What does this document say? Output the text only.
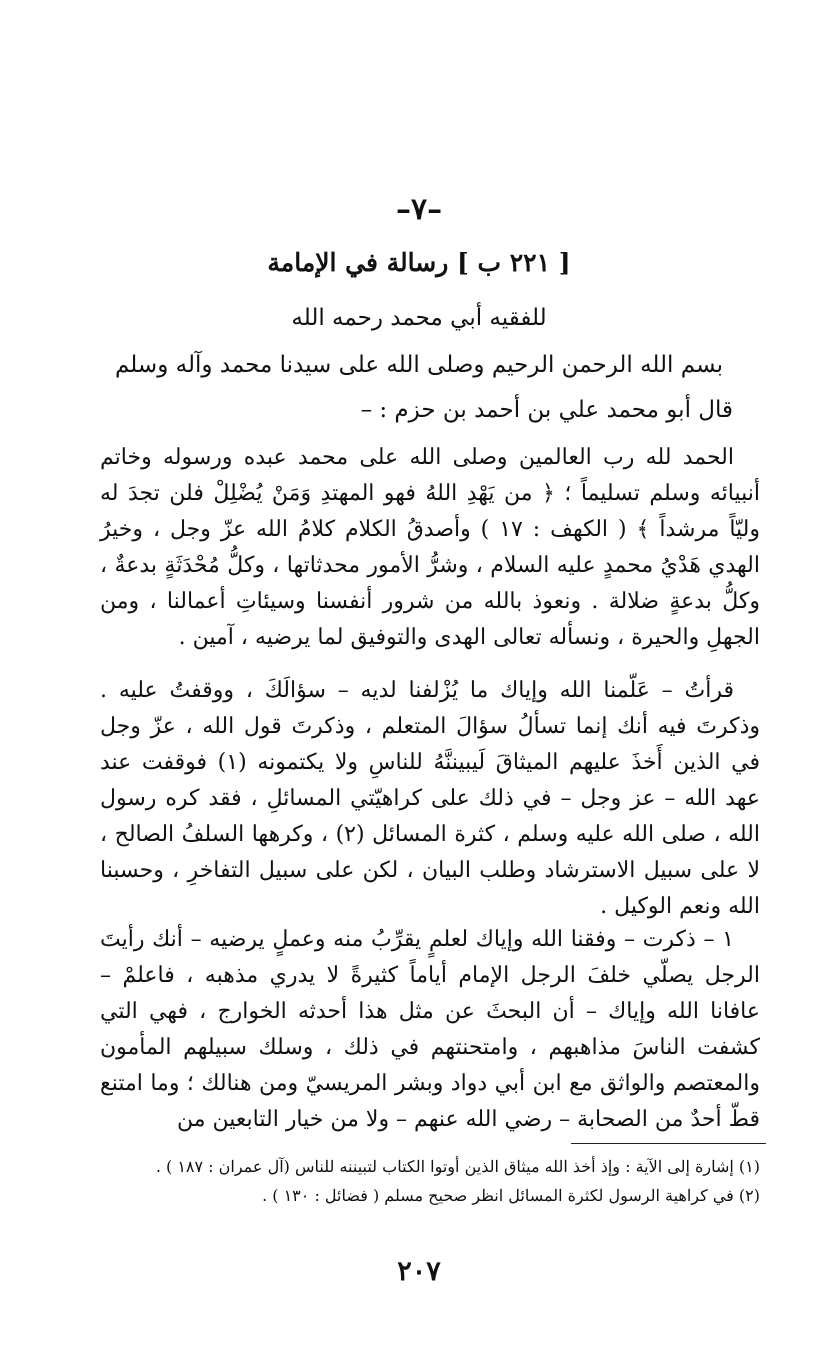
–٧–
[ ٢٢١ ب ] رسالة في الإمامة
للفقيه أبي محمد رحمه الله
بسم الله الرحمن الرحيم وصلى الله على سيدنا محمد وآله وسلم
قال أبو محمد علي بن أحمد بن حزم : –
الحمد لله رب العالمين وصلى الله على محمد عبده ورسوله وخاتم أنبيائه وسلم تسليماً ؛ ﴿ من يَهْدِ اللهُ فهو المهتدِ وَمَنْ يُضْلِلْ فلن تجدَ له وليّاً مرشداً ﴾ ( الكهف : ١٧ ) وأصدقُ الكلام كلامُ الله عزّ وجل ، وخيرُ الهدي هَدْيُ محمدٍ عليه السلام ، وشرُّ الأمور محدثاتها ، وكلُّ مُحْدَثَةٍ بدعةٌ ، وكلُّ بدعةٍ ضلالة . ونعوذ بالله من شرور أنفسنا وسيئاتِ أعمالنا ، ومن الجهلِ والحيرة ، ونسأله تعالى الهدى والتوفيق لما يرضيه ، آمين .
قرأتُ – عَلّمنا الله وإياك ما يُزْلفنا لديه – سؤالَكَ ، ووقفتُ عليه . وذكرتَ فيه أنك إنما تسألُ سؤالَ المتعلم ، وذكرتَ قول الله ، عزّ وجل في الذين أَخذَ عليهم الميثاقَ لَيبيننَّهُ للناسِ ولا يكتمونه (١) فوقفت عند عهد الله – عز وجل – في ذلك على كراهيّتي المسائلِ ، فقد كره رسول الله ، صلى الله عليه وسلم ، كثرة المسائل (٢) ، وكرهها السلفُ الصالح ، لا على سبيل الاسترشاد وطلب البيان ، لكن على سبيل التفاخرِ ، وحسبنا الله ونعم الوكيل .
١ – ذكرت – وفقنا الله وإياك لعلمٍ يقرِّبُ منه وعملٍ يرضيه – أنك رأيتَ الرجل يصلّي خلفَ الرجل الإمام أياماً كثيرةً لا يدري مذهبه ، فاعلمْ – عافانا الله وإياك – أن البحثَ عن مثل هذا أحدثه الخوارج ، فهي التي كشفت الناسَ مذاهبهم ، وامتحنتهم في ذلك ، وسلك سبيلهم المأمون والمعتصم والواثق مع ابن أبي دواد وبشر المريسيّ ومن هنالك ؛ وما امتنع قطّ أحدٌ من الصحابة – رضي الله عنهم – ولا من خيار التابعين من

(١) إشارة إلى الآية : وإذ أخذ الله ميثاق الذين أوتوا الكتاب لتبيننه للناس (آل عمران : ١٨٧ ) .

(٢) في كراهية الرسول لكثرة المسائل انظر صحيح مسلم ( فضائل : ١٣٠ ) .

٢٠٧
